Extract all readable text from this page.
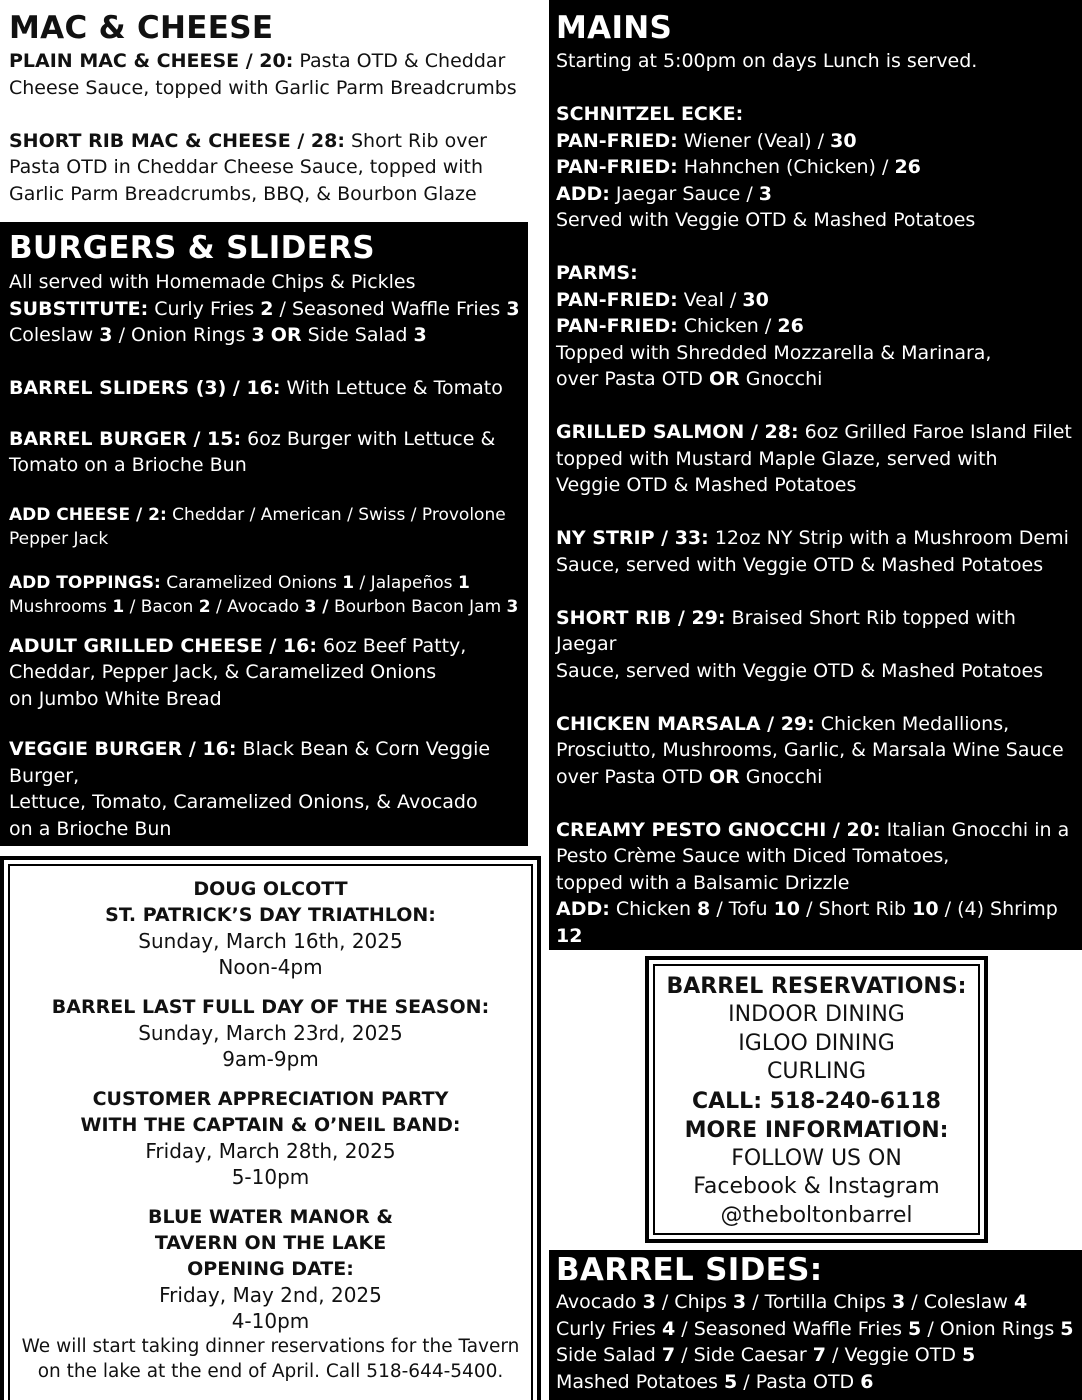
MAC & CHEESE
PLAIN MAC & CHEESE / 20: Pasta OTD & Cheddar
Cheese Sauce, topped with Garlic Parm Breadcrumbs
SHORT RIB MAC & CHEESE / 28: Short Rib over
Pasta OTD in Cheddar Cheese Sauce, topped with
Garlic Parm Breadcrumbs, BBQ, & Bourbon Glaze
BURGERS & SLIDERS
All served with Homemade Chips & Pickles
SUBSTITUTE: Curly Fries 2 / Seasoned Waffle Fries 3
Coleslaw 3 / Onion Rings 3 OR Side Salad 3
BARREL SLIDERS (3) / 16: With Lettuce & Tomato
BARREL BURGER / 15: 6oz Burger with Lettuce &
Tomato on a Brioche Bun
ADD CHEESE / 2: Cheddar / American / Swiss / Provolone
Pepper Jack
ADD TOPPINGS: Caramelized Onions 1 / Jalapeños 1
Mushrooms 1 / Bacon 2 / Avocado 3 / Bourbon Bacon Jam 3
ADULT GRILLED CHEESE / 16: 6oz Beef Patty,
Cheddar, Pepper Jack, & Caramelized Onions
on Jumbo White Bread
VEGGIE BURGER / 16: Black Bean & Corn Veggie Burger,
Lettuce, Tomato, Caramelized Onions, & Avocado
on a Brioche Bun
DOUG OLCOTT
ST. PATRICK’S DAY TRIATHLON:
Sunday, March 16th, 2025
Noon-4pm
BARREL LAST FULL DAY OF THE SEASON:
Sunday, March 23rd, 2025
9am-9pm
CUSTOMER APPRECIATION PARTY
WITH THE CAPTAIN & O’NEIL BAND:
Friday, March 28th, 2025
5-10pm
BLUE WATER MANOR &
TAVERN ON THE LAKE
OPENING DATE:
Friday, May 2nd, 2025
4-10pm
We will start taking dinner reservations for the Tavern
on the lake at the end of April. Call 518-644-5400.
MAINS
Starting at 5:00pm on days Lunch is served.
SCHNITZEL ECKE:
PAN-FRIED: Wiener (Veal) / 30
PAN-FRIED: Hahnchen (Chicken) / 26
ADD: Jaegar Sauce / 3
Served with Veggie OTD & Mashed Potatoes
PARMS:
PAN-FRIED: Veal / 30
PAN-FRIED: Chicken / 26
Topped with Shredded Mozzarella & Marinara,
over Pasta OTD OR Gnocchi
GRILLED SALMON / 28: 6oz Grilled Faroe Island Filet
topped with Mustard Maple Glaze, served with
Veggie OTD & Mashed Potatoes
NY STRIP / 33: 12oz NY Strip with a Mushroom Demi
Sauce, served with Veggie OTD & Mashed Potatoes
SHORT RIB / 29: Braised Short Rib topped with Jaegar
Sauce, served with Veggie OTD & Mashed Potatoes
CHICKEN MARSALA / 29: Chicken Medallions,
Prosciutto, Mushrooms, Garlic, & Marsala Wine Sauce
over Pasta OTD OR Gnocchi
CREAMY PESTO GNOCCHI / 20: Italian Gnocchi in a
Pesto Crème Sauce with Diced Tomatoes,
topped with a Balsamic Drizzle
ADD: Chicken 8 / Tofu 10 / Short Rib 10 / (4) Shrimp 12
Salmon 12 / Steak 12
BARREL RESERVATIONS:
INDOOR DINING
IGLOO DINING
CURLING
CALL: 518-240-6118
MORE INFORMATION:
FOLLOW US ON
Facebook & Instagram
@theboltonbarrel
BARREL SIDES:
Avocado 3 / Chips 3 / Tortilla Chips 3 / Coleslaw 4
Curly Fries 4 / Seasoned Waffle Fries 5 / Onion Rings 5
Side Salad 7 / Side Caesar 7 / Veggie OTD 5
Mashed Potatoes 5 / Pasta OTD 6
